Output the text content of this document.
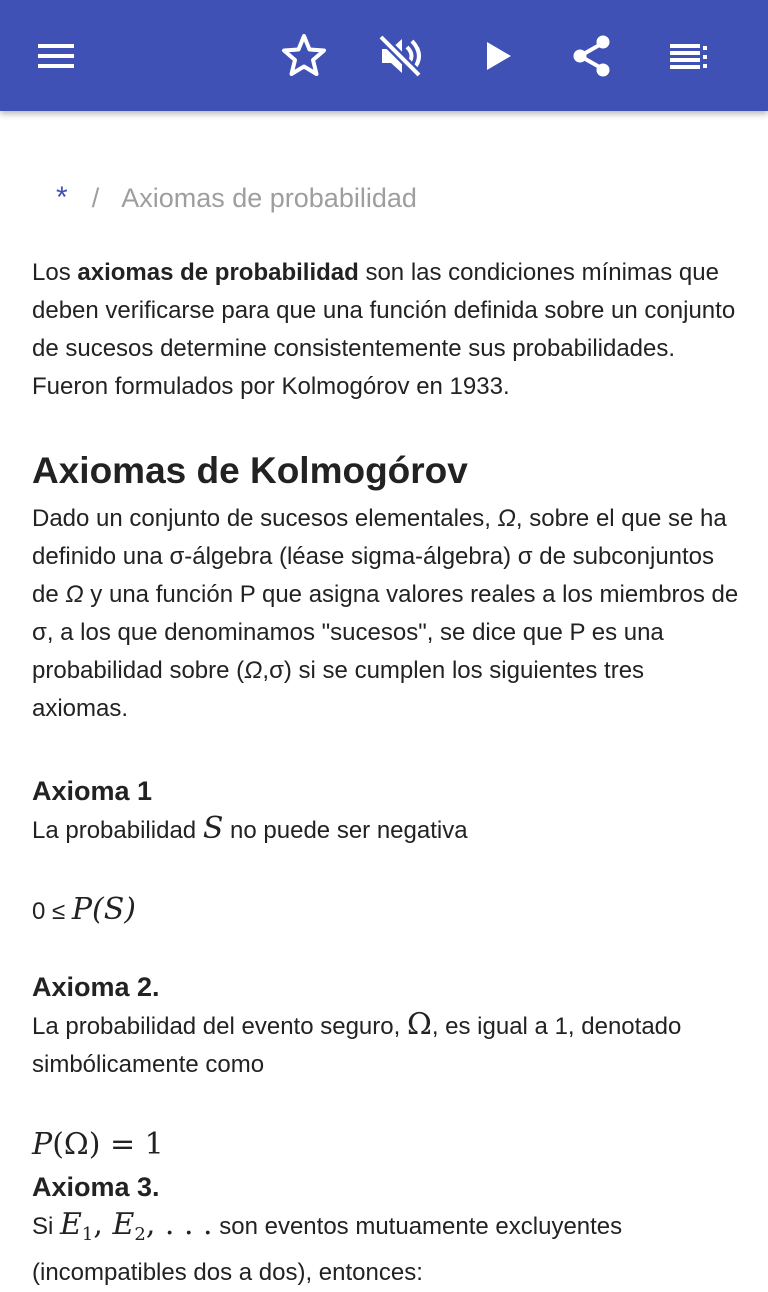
* / Axiomas de probabilidad

Los axiomas de probabilidad son las condiciones mínimas que deben verificarse para que una función definida sobre un conjunto de sucesos determine consistentemente sus probabilidades. Fueron formulados por Kolmogórov en 1933.

Axiomas de Kolmogórov

Dado un conjunto de sucesos elementales, Ω, sobre el que se ha definido una σ-álgebra (léase sigma-álgebra) σ de subconjuntos de Ω y una función P que asigna valores reales a los miembros de σ, a los que denominamos "sucesos", se dice que P es una probabilidad sobre (Ω,σ) si se cumplen los siguientes tres axiomas.

Axioma 1

La probabilidad S no puede ser negativa

0 ≤ P(S)

Axioma 2.

La probabilidad del evento seguro, Ω, es igual a 1, denotado simbólicamente como

P(Ω) = 1

Axioma 3.

Si $E_1$, $E_2$, . . . son eventos mutuamente excluyentes (incompatibles dos a dos), entonces:
